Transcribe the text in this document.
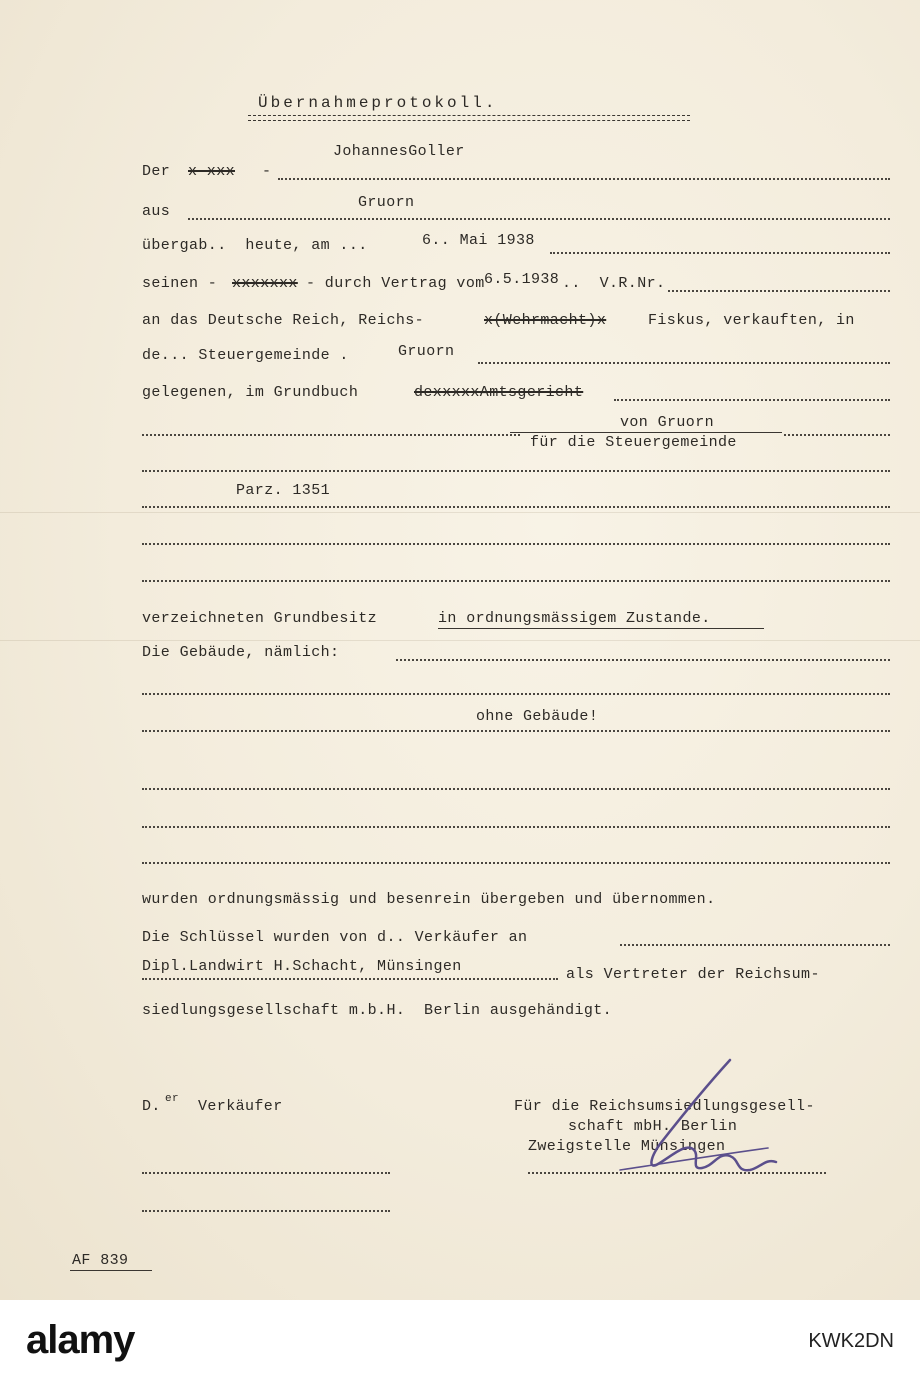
Übernahmeprotokoll.
Der x xxx -
JohannesGoller
aus
Gruorn
übergab..  heute, am ...	6.. Mai 1938
seinen - xxxxxxx - durch Vertrag vom 6.5.1938 ..  V.R.Nr.
an das Deutsche Reich, Reichs-	x(Wehrmacht)x	Fiskus, verkauften, in
de... Steuergemeinde .	Gruorn
gelegenen, im Grundbuch	dexxxxxAmtsgericht
von Gruorn
für die Steuergemeinde
Parz. 1351
verzeichneten Grundbesitz	in ordnungsmässigem Zustande.
Die Gebäude, nämlich:
ohne Gebäude!
wurden ordnungsmässig und besenrein übergeben und übernommen.
Die Schlüssel wurden von d.. Verkäufer an
Dipl.Landwirt H.Schacht, Münsingen	als Vertreter der Reichsum-
siedlungsgesellschaft m.b.H.  Berlin ausgehändigt.
D. er Verkäufer	Für die Reichsumsiedlungsgesell-
schaft mbH. Berlin
Zweigstelle Münsingen
AF 839
alamy	KWK2DN
